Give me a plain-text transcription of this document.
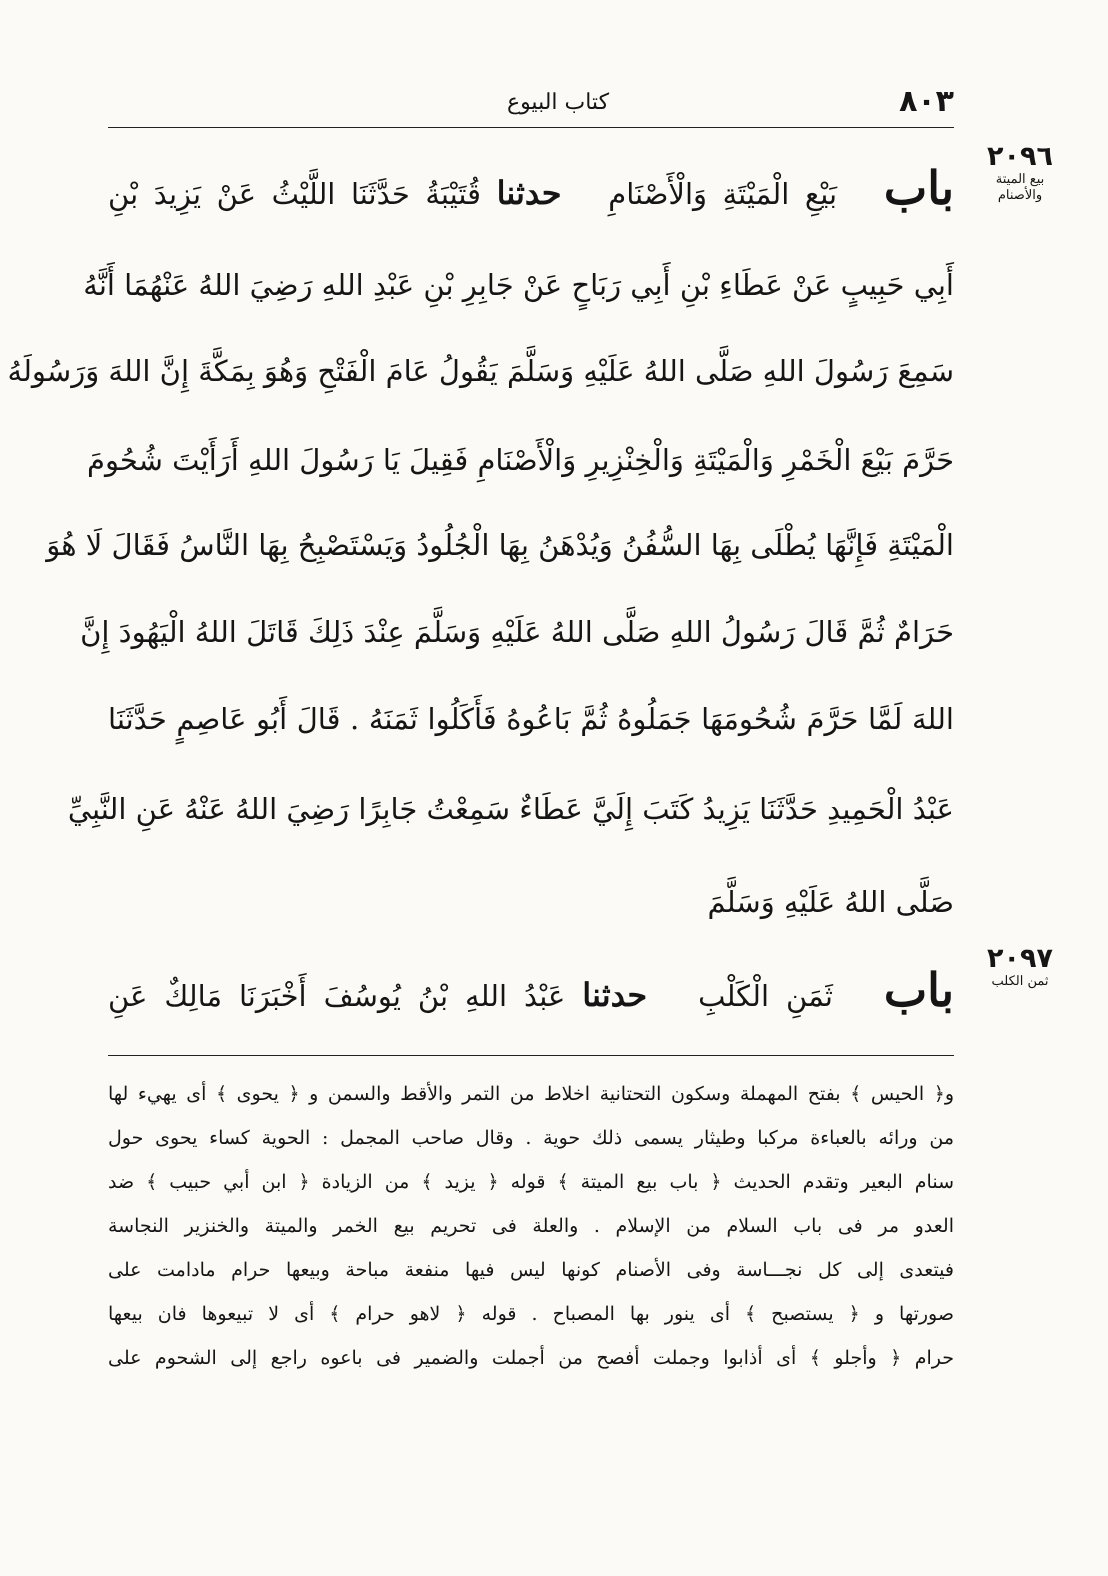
٨٠٣
كتاب البيوع
٢٠٩٦
بيع الميتة والأصنام
باب   بَيْعِ الْمَيْتَةِ وَالْأَصْنَامِ   حدثنا قُتَيْبَةُ حَدَّثَنَا اللَّيْثُ عَنْ يَزِيدَ بْنِ
أَبِي حَبِيبٍ عَنْ عَطَاءِ بْنِ أَبِي رَبَاحٍ عَنْ جَابِرِ بْنِ عَبْدِ اللهِ رَضِيَ اللهُ عَنْهُمَا أَنَّهُ
سَمِعَ رَسُولَ اللهِ صَلَّى اللهُ عَلَيْهِ وَسَلَّمَ يَقُولُ عَامَ الْفَتْحِ وَهُوَ بِمَكَّةَ إِنَّ اللهَ وَرَسُولَهُ
حَرَّمَ بَيْعَ الْخَمْرِ وَالْمَيْتَةِ وَالْخِنْزِيرِ وَالْأَصْنَامِ فَقِيلَ يَا رَسُولَ اللهِ أَرَأَيْتَ شُحُومَ
الْمَيْتَةِ فَإِنَّهَا يُطْلَى بِهَا السُّفُنُ وَيُدْهَنُ بِهَا الْجُلُودُ وَيَسْتَصْبِحُ بِهَا النَّاسُ فَقَالَ لَا هُوَ
حَرَامٌ ثُمَّ قَالَ رَسُولُ اللهِ صَلَّى اللهُ عَلَيْهِ وَسَلَّمَ عِنْدَ ذَلِكَ قَاتَلَ اللهُ الْيَهُودَ إِنَّ
اللهَ لَمَّا حَرَّمَ شُحُومَهَا جَمَلُوهُ ثُمَّ بَاعُوهُ فَأَكَلُوا ثَمَنَهُ . قَالَ أَبُو عَاصِمٍ حَدَّثَنَا
عَبْدُ الْحَمِيدِ حَدَّثَنَا يَزِيدُ كَتَبَ إِلَيَّ عَطَاءٌ سَمِعْتُ جَابِرًا رَضِيَ اللهُ عَنْهُ عَنِ النَّبِيِّ
صَلَّى اللهُ عَلَيْهِ وَسَلَّمَ
٢٠٩٧
ثمن الكلب
باب   ثَمَنِ الْكَلْبِ   حدثنا عَبْدُ اللهِ بْنُ يُوسُفَ أَخْبَرَنَا مَالِكٌ عَنِ
و﴿ الحيس ﴾ بفتح المهملة وسكون التحتانية اخلاط من التمر والأقط والسمن و ﴿ يحوى ﴾ أى يهيء لها
من ورائه بالعباءة مركبا وطيثار يسمى ذلك حوية . وقال صاحب المجمل : الحوية كساء يحوى حول
سنام البعير وتقدم الحديث ﴿ باب بيع الميتة ﴾ قوله ﴿ يزيد ﴾ من الزيادة ﴿ ابن أبي حبيب ﴾ ضد
العدو مر فى باب السلام من الإسلام . والعلة فى تحريم بيع الخمر والميتة والخنزير النجاسة
فيتعدى إلى كل نجـــاسة وفى الأصنام كونها ليس فيها منفعة مباحة وبيعها حرام مادامت على
صورتها و ﴿ يستصبح ﴾ أى ينور بها المصباح . قوله ﴿ لاهو حرام ﴾ أى لا تبيعوها فان بيعها
حرام ﴿ وأجلو ﴾ أى أذابوا وجملت أفصح من أجملت والضمير فى باعوه راجع إلى الشحوم على
